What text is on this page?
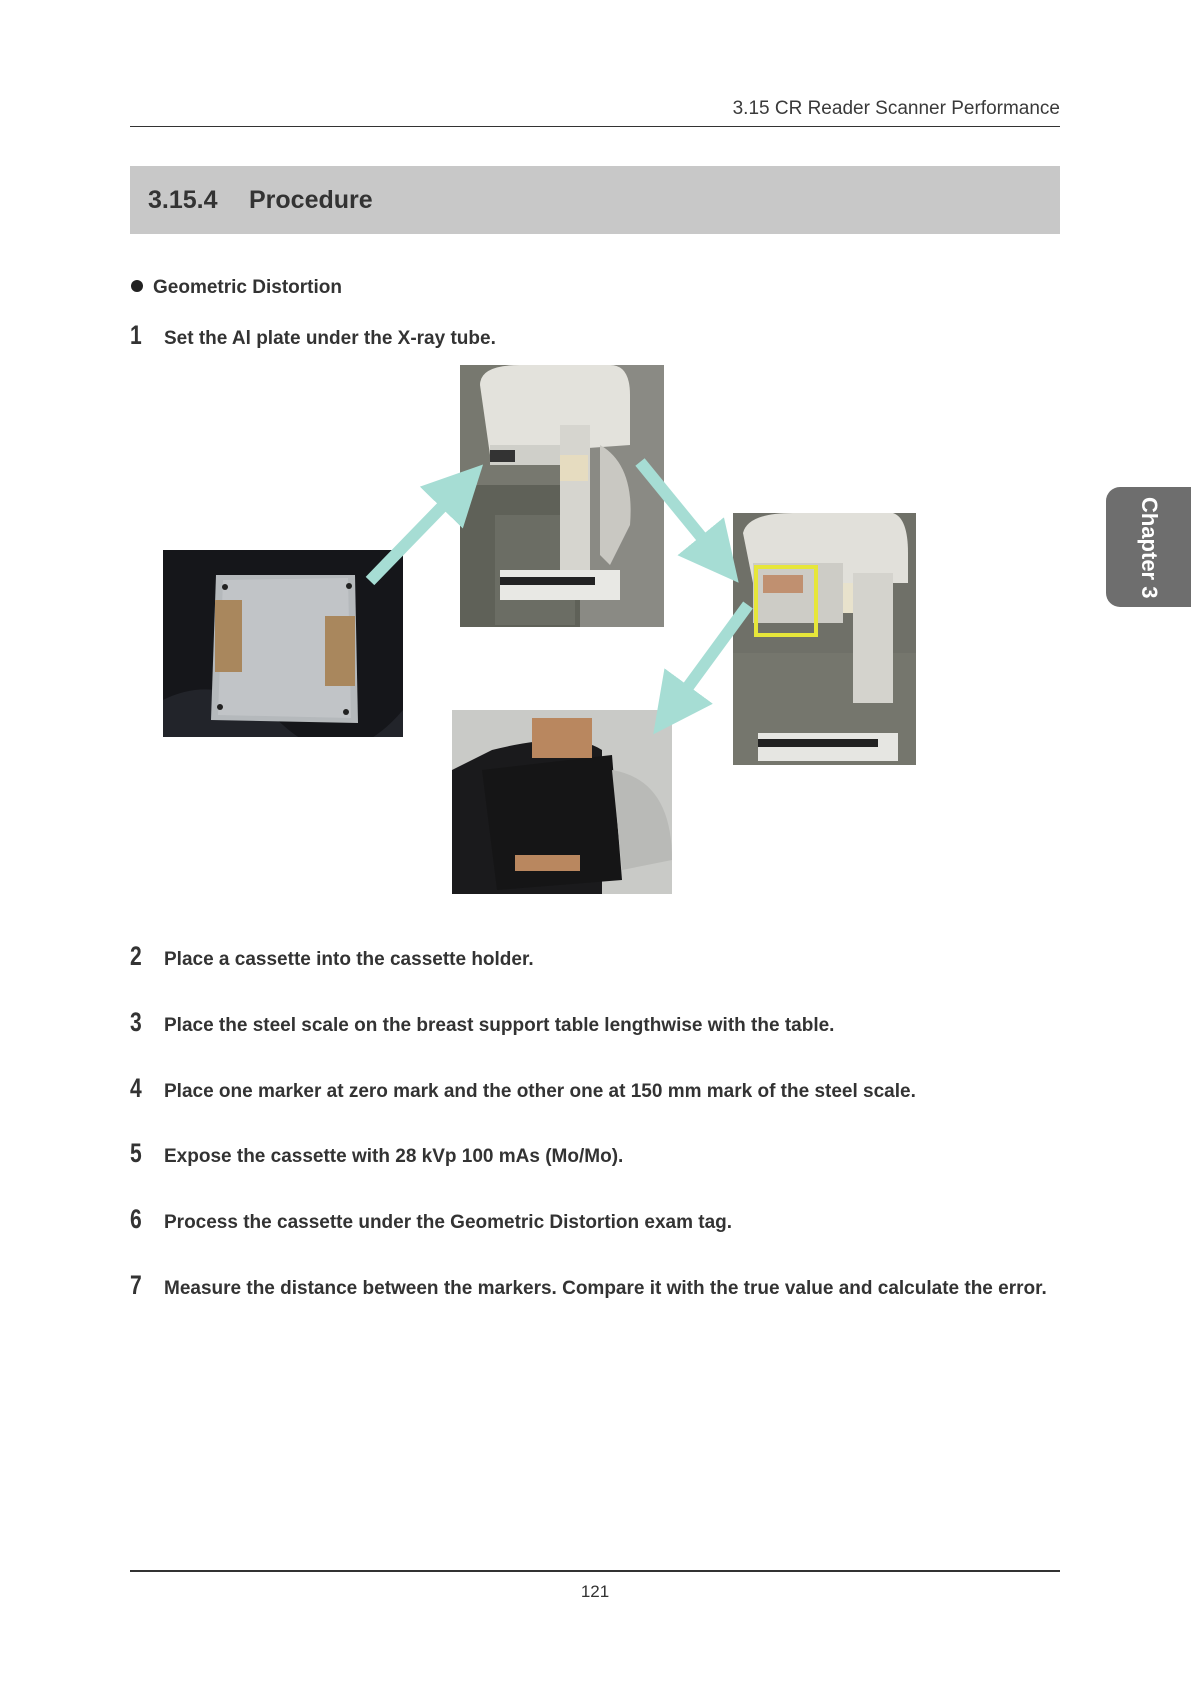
3.15 CR Reader Scanner Performance
3.15.4 Procedure
Geometric Distortion
1 Set the Al plate under the X-ray tube.
2 Place a cassette into the cassette holder.
3 Place the steel scale on the breast support table lengthwise with the table.
4 Place one marker at zero mark and the other one at 150 mm mark of the steel scale.
5 Expose the cassette with 28 kVp 100 mAs (Mo/Mo).
6 Process the cassette under the Geometric Distortion exam tag.
7 Measure the distance between the markers. Compare it with the true value and calculate the error.
Chapter 3
121
